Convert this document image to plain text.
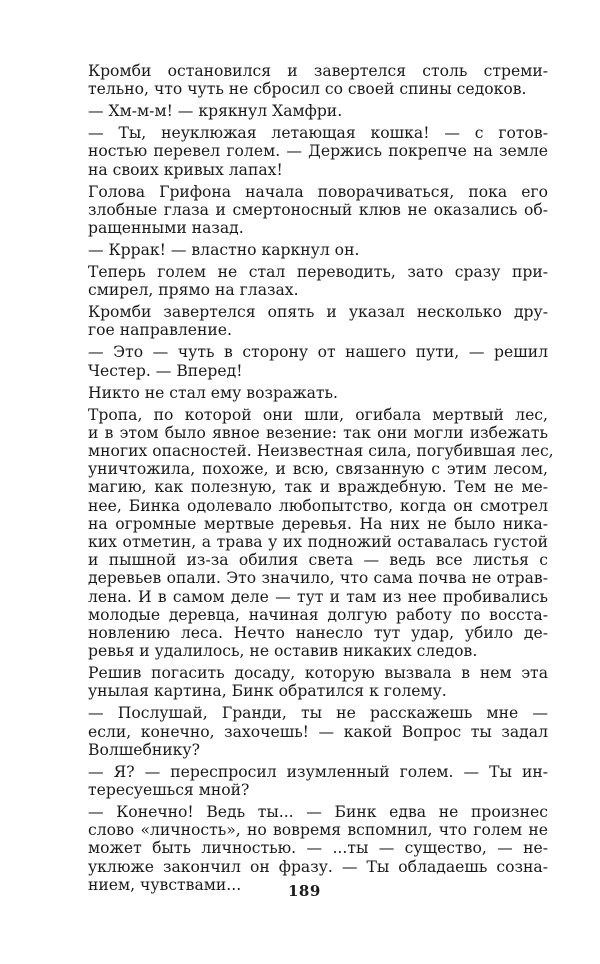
Кромби остановился и завертелся столь стреми-
тельно, что чуть не сбросил со своей спины седоков.
— Хм-м-м! — крякнул Хамфри.
— Ты, неуклюжая летающая кошка! — с готов-
ностью перевел голем. — Держись покрепче на земле
на своих кривых лапах!
Голова Грифона начала поворачиваться, пока его
злобные глаза и смертоносный клюв не оказались об-
ращенными назад.
— Кррак! — властно каркнул он.
Теперь голем не стал переводить, зато сразу при-
смирел, прямо на глазах.
Кромби завертелся опять и указал несколько дру-
гое направление.
— Это — чуть в сторону от нашего пути, — решил
Честер. — Вперед!
Никто не стал ему возражать.
Тропа, по которой они шли, огибала мертвый лес,
и в этом было явное везение: так они могли избежать
многих опасностей. Неизвестная сила, погубившая лес,
уничтожила, похоже, и всю, связанную с этим лесом,
магию, как полезную, так и враждебную. Тем не ме-
нее, Бинка одолевало любопытство, когда он смотрел
на огромные мертвые деревья. На них не было ника-
ких отметин, а трава у их подножий оставалась густой
и пышной из-за обилия света — ведь все листья с
деревьев опали. Это значило, что сама почва не отрав-
лена. И в самом деле — тут и там из нее пробивались
молодые деревца, начиная долгую работу по восста-
новлению леса. Нечто нанесло тут удар, убило де-
ревья и удалилось, не оставив никаких следов.
Решив погасить досаду, которую вызвала в нем эта
унылая картина, Бинк обратился к голему.
— Послушай, Гранди, ты не расскажешь мне —
если, конечно, захочешь! — какой Вопрос ты задал
Волшебнику?
— Я? — переспросил изумленный голем. — Ты ин-
тересуешься мной?
— Конечно! Ведь ты... — Бинк едва не произнес
слово «личность», но вовремя вспомнил, что голем не
может быть личностью. — ...ты — существо, — не-
уклюже закончил он фразу. — Ты обладаешь созна-
нием, чувствами...	189
